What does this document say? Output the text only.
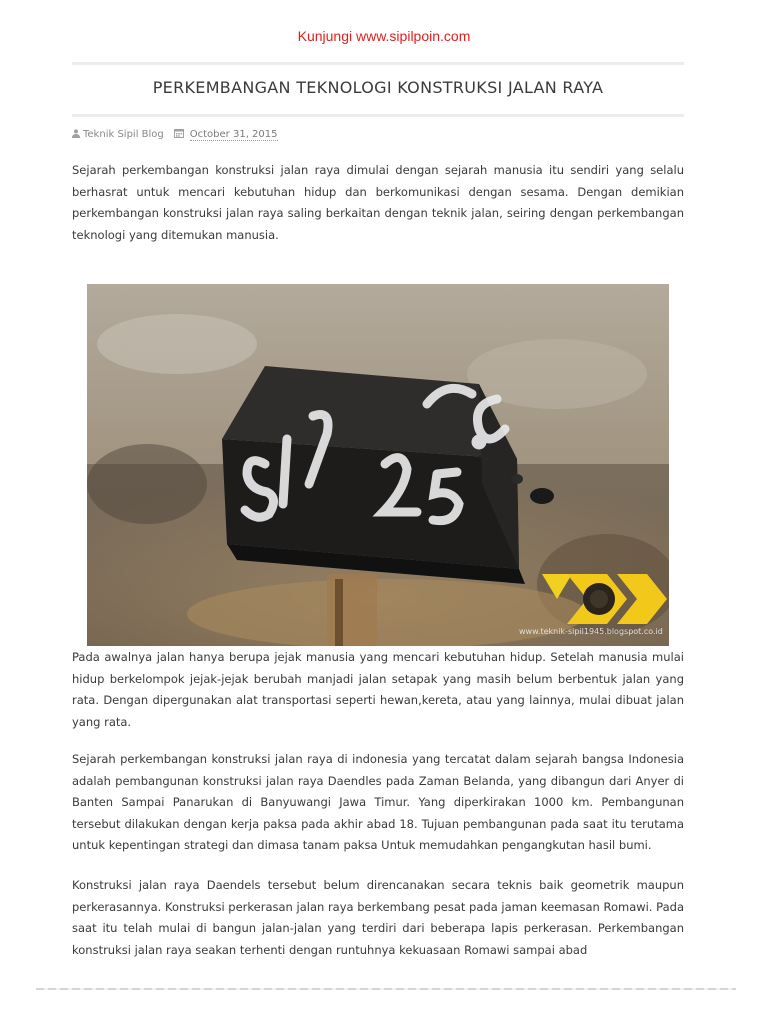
Kunjungi www.sipilpoin.com
PERKEMBANGAN TEKNOLOGI KONSTRUKSI JALAN RAYA
Teknik Sipil Blog	October 31, 2015

Sejarah perkembangan konstruksi jalan raya dimulai dengan sejarah manusia itu sendiri yang selalu berhasrat untuk mencari kebutuhan hidup dan berkomunikasi dengan sesama. Dengan demikian perkembangan konstruksi jalan raya saling berkaitan dengan teknik jalan, seiring dengan perkembangan teknologi yang ditemukan manusia.

www.teknik-sipil1945.blogspot.co.id

Pada awalnya jalan hanya berupa jejak manusia yang mencari kebutuhan hidup. Setelah manusia mulai hidup berkelompok jejak-jejak berubah manjadi jalan setapak yang masih belum berbentuk jalan yang rata. Dengan dipergunakan alat transportasi seperti hewan,kereta, atau yang lainnya, mulai dibuat jalan yang rata.

Sejarah perkembangan konstruksi jalan raya di indonesia yang tercatat dalam sejarah bangsa Indonesia adalah pembangunan konstruksi jalan raya Daendles pada Zaman Belanda, yang dibangun dari Anyer di Banten Sampai Panarukan di Banyuwangi Jawa Timur. Yang diperkirakan 1000 km. Pembangunan tersebut dilakukan dengan kerja paksa pada akhir abad 18. Tujuan pembangunan pada saat itu terutama untuk kepentingan strategi dan dimasa tanam paksa Untuk memudahkan pengangkutan hasil bumi.

Konstruksi jalan raya Daendels tersebut belum direncanakan secara teknis baik geometrik maupun perkerasannya. Konstruksi perkerasan jalan raya berkembang pesat pada jaman keemasan Romawi. Pada saat itu telah mulai di bangun jalan-jalan yang terdiri dari beberapa lapis perkerasan. Perkembangan konstruksi jalan raya seakan terhenti dengan runtuhnya kekuasaan Romawi sampai abad
